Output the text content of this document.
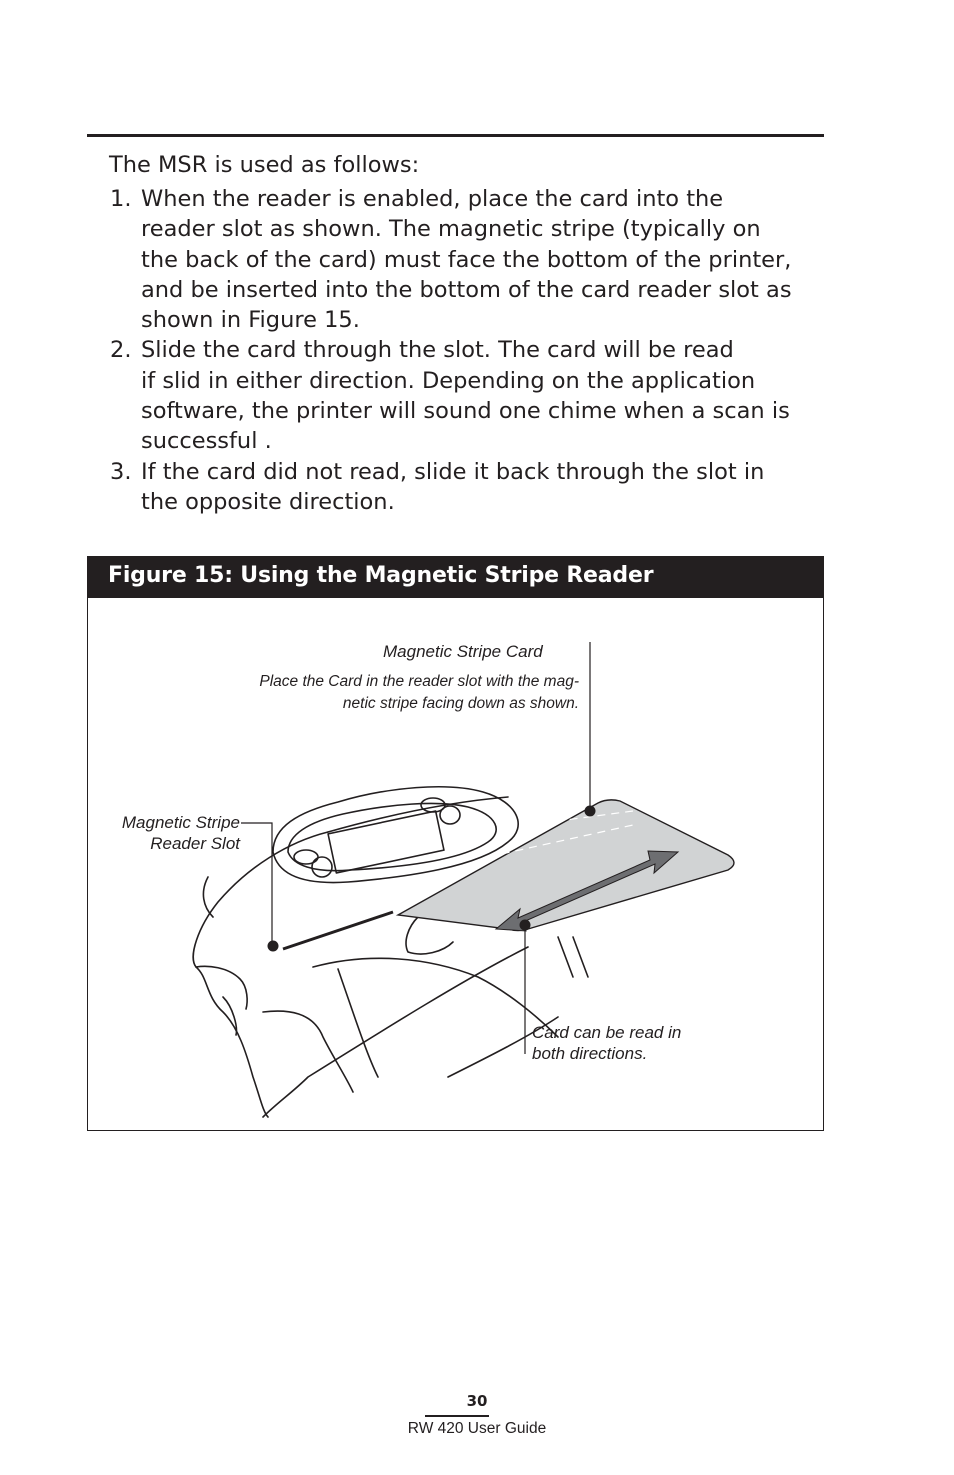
The MSR is used as follows:

1. When the reader is enabled, place the card into the
reader slot as shown. The magnetic stripe (typically on
the back of the card) must face the bottom of the printer,
and be inserted into the bottom of the card reader slot as
shown in Figure 15.
2. Slide the card through the slot. The card will be read
if slid in either direction. Depending on the application
software, the printer will sound one chime when a scan is
successful .
3. If the card did not read, slide it back through the slot in
the opposite direction.
Figure 15: Using the Magnetic Stripe Reader
Magnetic Stripe Card
Place the Card in the reader slot with the mag-
netic stripe facing down as shown.
Magnetic Stripe
Reader Slot
Card can be read in
both directions.
30
RW 420 User Guide
